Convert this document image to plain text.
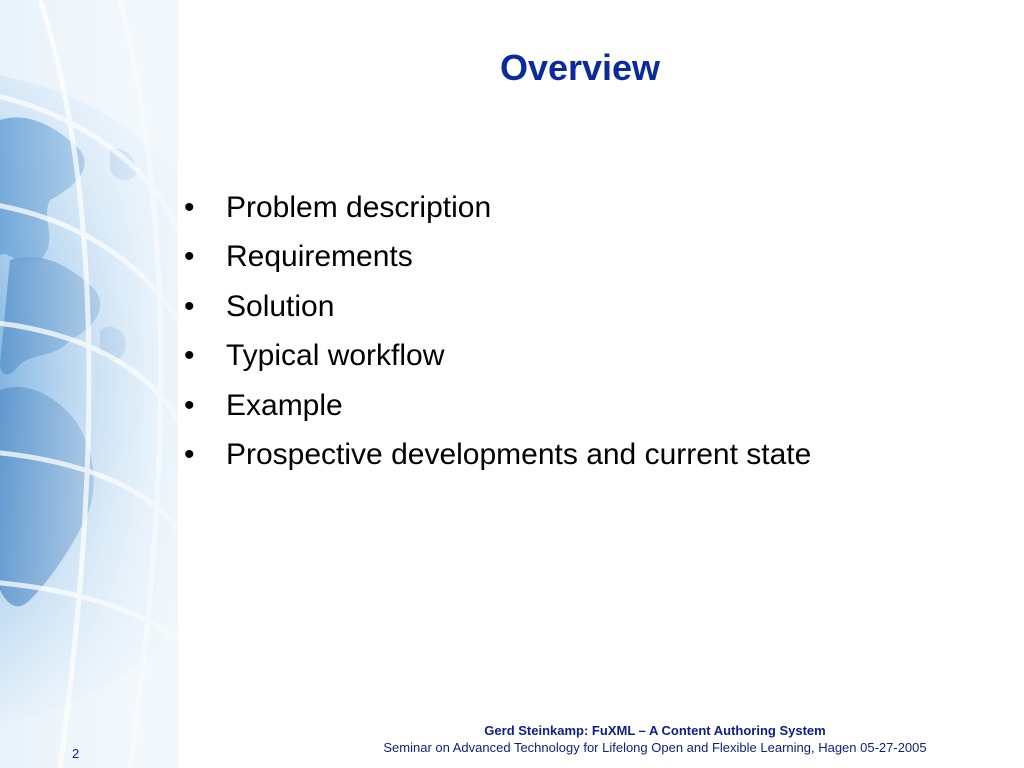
Overview
•	Problem description
•	Requirements
•	Solution
•	Typical workflow
•	Example
•	Prospective developments and current state
Gerd Steinkamp: FuXML – A Content Authoring System
Seminar on Advanced Technology for Lifelong Open and Flexible Learning, Hagen 05-27-2005
2
